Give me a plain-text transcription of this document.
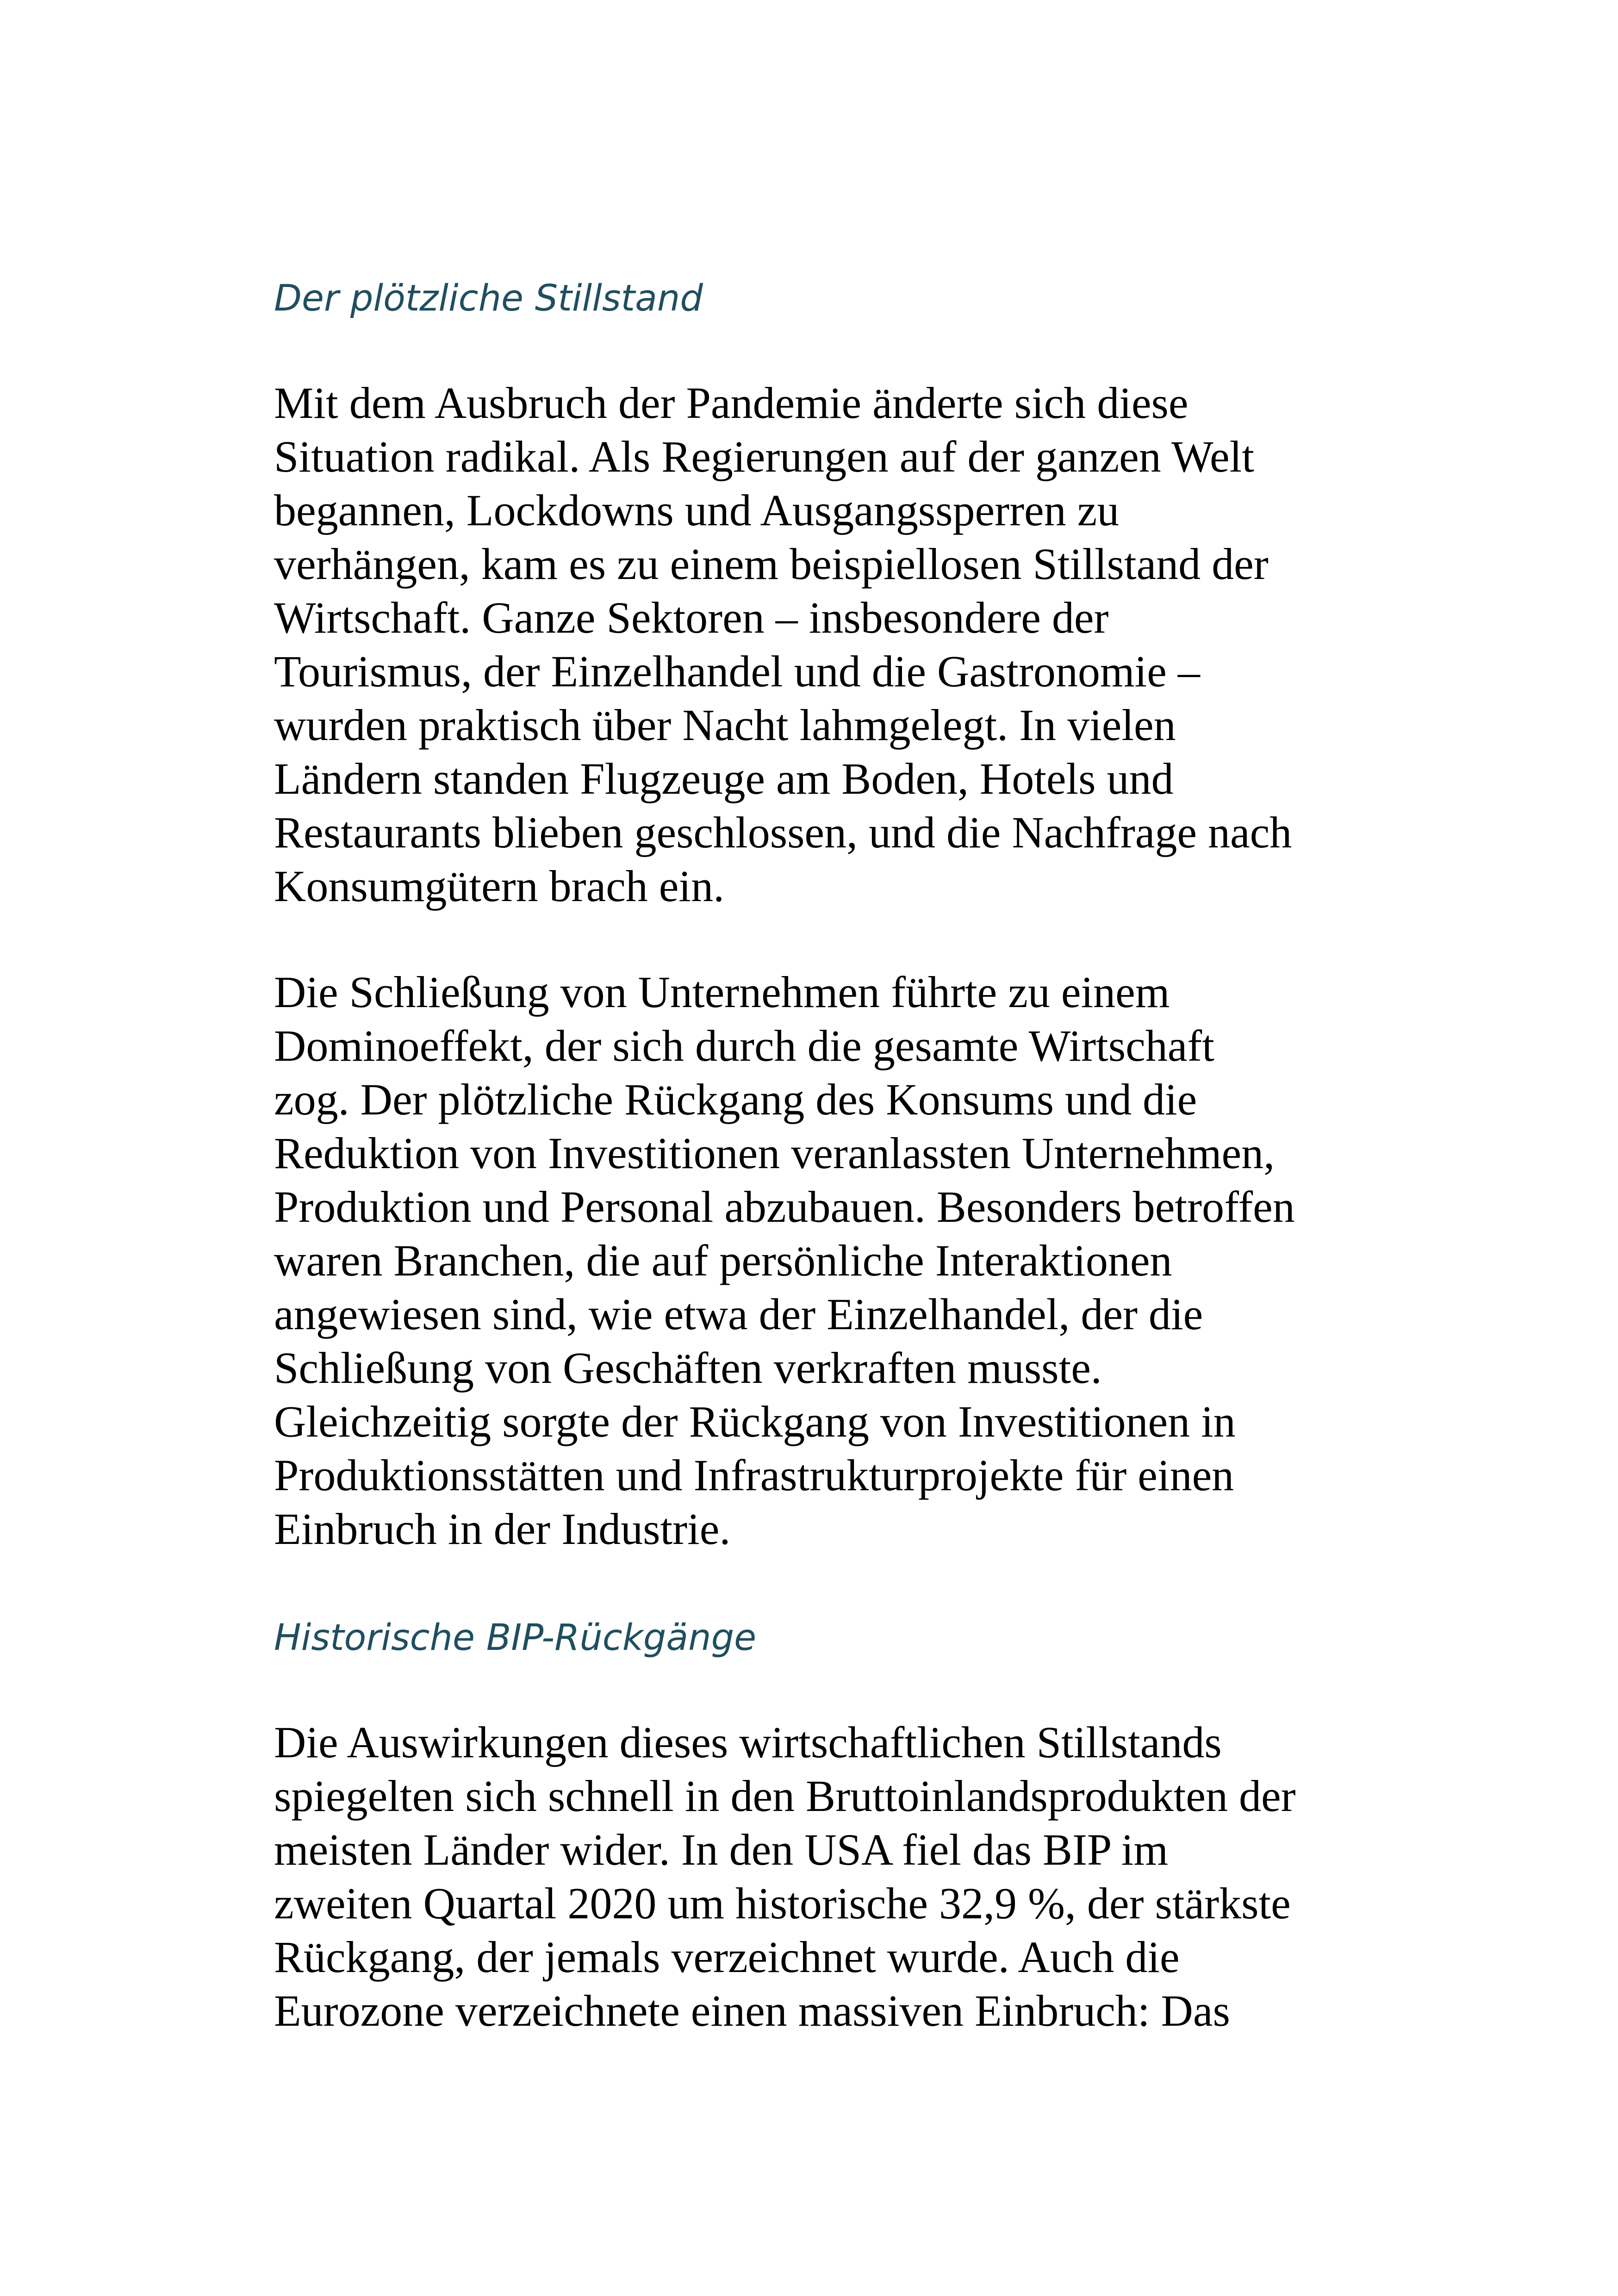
Der plötzliche Stillstand

Mit dem Ausbruch der Pandemie änderte sich diese
Situation radikal. Als Regierungen auf der ganzen Welt
begannen, Lockdowns und Ausgangssperren zu
verhängen, kam es zu einem beispiellosen Stillstand der
Wirtschaft. Ganze Sektoren – insbesondere der
Tourismus, der Einzelhandel und die Gastronomie –
wurden praktisch über Nacht lahmgelegt. In vielen
Ländern standen Flugzeuge am Boden, Hotels und
Restaurants blieben geschlossen, und die Nachfrage nach
Konsumgütern brach ein.

Die Schließung von Unternehmen führte zu einem
Dominoeffekt, der sich durch die gesamte Wirtschaft
zog. Der plötzliche Rückgang des Konsums und die
Reduktion von Investitionen veranlassten Unternehmen,
Produktion und Personal abzubauen. Besonders betroffen
waren Branchen, die auf persönliche Interaktionen
angewiesen sind, wie etwa der Einzelhandel, der die
Schließung von Geschäften verkraften musste.
Gleichzeitig sorgte der Rückgang von Investitionen in
Produktionsstätten und Infrastrukturprojekte für einen
Einbruch in der Industrie.

Historische BIP-Rückgänge

Die Auswirkungen dieses wirtschaftlichen Stillstands
spiegelten sich schnell in den Bruttoinlandsprodukten der
meisten Länder wider. In den USA fiel das BIP im
zweiten Quartal 2020 um historische 32,9 %, der stärkste
Rückgang, der jemals verzeichnet wurde. Auch die
Eurozone verzeichnete einen massiven Einbruch: Das
